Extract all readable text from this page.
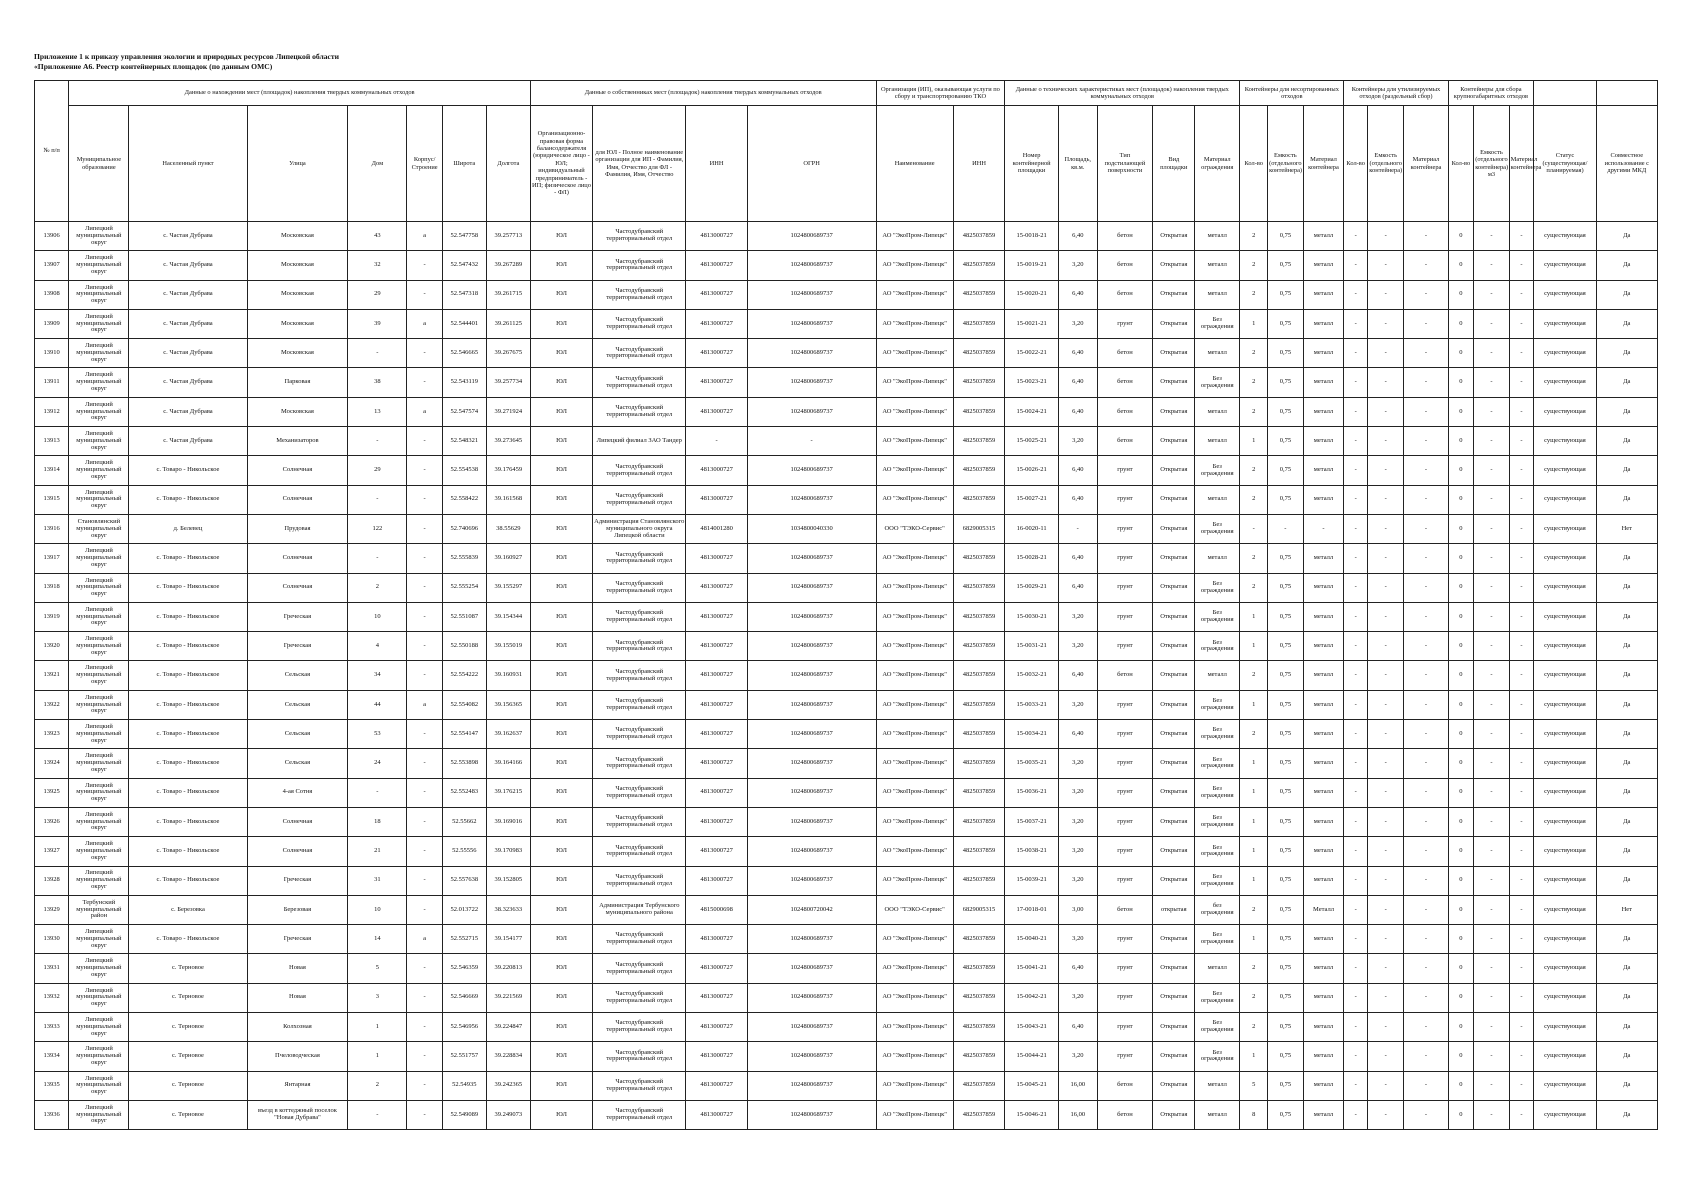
Приложение 1 к приказу управления экологии и природных ресурсов Липецкой области
«Приложение А6. Реестр контейнерных площадок (по данным ОМС)
№ п/п	Данные о нахождении мест (площадок) накопления твердых коммунальных отходов							Данные о собственниках мест (площадок) накопления твердых коммунальных отходов				Организация (ИП), оказывающая услуги по сбору и транспортированию ТКО		Данные о технических характеристиках мест (площадок) накопления твердых коммунальных отходов					Контейнеры для несортированных отходов			Контейнеры для утилизируемых отходов (раздельный сбор)			Контейнеры для сбора крупногабаритных отходов				
	Муниципальное образование	Населенный пункт	Улица	Дом	Корпус/Строение	Широта	Долгота	Организационно-правовая форма балансодержателя (юридическое лицо - ЮЛ; индивидуальный предприниматель - ИП; физическое лицо - ФЛ)	для ЮЛ - Полное наименование организации для ИП - Фамилия, Имя, Отчество для ФЛ - Фамилия, Имя, Отчество	ИНН	ОГРН	Наименование	ИНН	Номер контейнерной площадки	Площадь, кв.м.	Тип подстилающей поверхности	Вид площадки	Материал ограждения	Кол-во	Емкость (отдельного контейнера)	Материал контейнера	Кол-во	Емкость (отдельного контейнера)	Материал контейнера	Кол-во	Емкость (отдельного контейнера) м3	Материал контейнера	Статус (существующая/планируемая)	Совместное использование с другими МКД
13906	Липецкий муниципальный округ	с. Частая Дубрава	Московская	43	а	52.547758	39.257713	ЮЛ	Частодубравский территориальный отдел	4813000727	1024800689737	АО "ЭкоПром-Липецк"	4825037859	15-0018-21	6,40	бетон	Открытая	металл	2	0,75	металл	-	-	-	0	-	-	существующая	Да
13907	Липецкий муниципальный округ	с. Частая Дубрава	Московская	32	-	52.547432	39.267289	ЮЛ	Частодубравский территориальный отдел	4813000727	1024800689737	АО "ЭкоПром-Липецк"	4825037859	15-0019-21	3,20	бетон	Открытая	металл	2	0,75	металл	-	-	-	0	-	-	существующая	Да
13908	Липецкий муниципальный округ	с. Частая Дубрава	Московская	29	-	52.547318	39.261715	ЮЛ	Частодубравский территориальный отдел	4813000727	1024800689737	АО "ЭкоПром-Липецк"	4825037859	15-0020-21	6,40	бетон	Открытая	металл	2	0,75	металл	-	-	-	0	-	-	существующая	Да
13909	Липецкий муниципальный округ	с. Частая Дубрава	Московская	39	а	52.544401	39.261125	ЮЛ	Частодубравский территориальный отдел	4813000727	1024800689737	АО "ЭкоПром-Липецк"	4825037859	15-0021-21	3,20	грунт	Открытая	Без ограждения	1	0,75	металл	-	-	-	0	-	-	существующая	Да
13910	Липецкий муниципальный округ	с. Частая Дубрава	Московская	-	-	52.546665	39.267675	ЮЛ	Частодубравский территориальный отдел	4813000727	1024800689737	АО "ЭкоПром-Липецк"	4825037859	15-0022-21	6,40	бетон	Открытая	металл	2	0,75	металл	-	-	-	0	-	-	существующая	Да
13911	Липецкий муниципальный округ	с. Частая Дубрава	Парковая	38	-	52.543119	39.257734	ЮЛ	Частодубравский территориальный отдел	4813000727	1024800689737	АО "ЭкоПром-Липецк"	4825037859	15-0023-21	6,40	бетон	Открытая	Без ограждения	2	0,75	металл	-	-	-	0	-	-	существующая	Да
13912	Липецкий муниципальный округ	с. Частая Дубрава	Московская	13	а	52.547574	39.271924	ЮЛ	Частодубравский территориальный отдел	4813000727	1024800689737	АО "ЭкоПром-Липецк"	4825037859	15-0024-21	6,40	бетон	Открытая	металл	2	0,75	металл	-	-	-	0	-	-	существующая	Да
13913	Липецкий муниципальный округ	с. Частая Дубрава	Механизаторов	-	-	52.548321	39.273645	ЮЛ	Липецкий филиал ЗАО Тандер	-	-	АО "ЭкоПром-Липецк"	4825037859	15-0025-21	3,20	бетон	Открытая	металл	1	0,75	металл	-	-	-	0	-	-	существующая	Да
13914	Липецкий муниципальный округ	с. Товаро - Никольское	Солнечная	29	-	52.554538	39.176459	ЮЛ	Частодубравский территориальный отдел	4813000727	1024800689737	АО "ЭкоПром-Липецк"	4825037859	15-0026-21	6,40	грунт	Открытая	Без ограждения	2	0,75	металл	-	-	-	0	-	-	существующая	Да
13915	Липецкий муниципальный округ	с. Товаро - Никольское	Солнечная	-	-	52.558422	39.161568	ЮЛ	Частодубравский территориальный отдел	4813000727	1024800689737	АО "ЭкоПром-Липецк"	4825037859	15-0027-21	6,40	грунт	Открытая	металл	2	0,75	металл	-	-	-	0	-	-	существующая	Да
13916	Становлянский муниципальный округ	д. Белевец	Прудовая	122	-	52.740696	38.55629	ЮЛ	Администрация Становлянского муниципального округа Липецкой области	4814001280	1034800040330	ООО "ТЭКО-Сервис"	6829005315	16-0020-11	-	грунт	Открытая	Без ограждения	-	-	-	-	-	-	0	-	-	существующая	Нет
13917	Липецкий муниципальный округ	с. Товаро - Никольское	Солнечная	-	-	52.555839	39.160927	ЮЛ	Частодубравский территориальный отдел	4813000727	1024800689737	АО "ЭкоПром-Липецк"	4825037859	15-0028-21	6,40	грунт	Открытая	металл	2	0,75	металл	-	-	-	0	-	-	существующая	Да
13918	Липецкий муниципальный округ	с. Товаро - Никольское	Солнечная	2	-	52.555254	39.155297	ЮЛ	Частодубравский территориальный отдел	4813000727	1024800689737	АО "ЭкоПром-Липецк"	4825037859	15-0029-21	6,40	грунт	Открытая	Без ограждения	2	0,75	металл	-	-	-	0	-	-	существующая	Да
13919	Липецкий муниципальный округ	с. Товаро - Никольское	Греческая	10	-	52.551087	39.154344	ЮЛ	Частодубравский территориальный отдел	4813000727	1024800689737	АО "ЭкоПром-Липецк"	4825037859	15-0030-21	3,20	грунт	Открытая	Без ограждения	1	0,75	металл	-	-	-	0	-	-	существующая	Да
13920	Липецкий муниципальный округ	с. Товаро - Никольское	Греческая	4	-	52.550188	39.155019	ЮЛ	Частодубравский территориальный отдел	4813000727	1024800689737	АО "ЭкоПром-Липецк"	4825037859	15-0031-21	3,20	грунт	Открытая	Без ограждения	1	0,75	металл	-	-	-	0	-	-	существующая	Да
13921	Липецкий муниципальный округ	с. Товаро - Никольское	Сельская	34	-	52.554222	39.160931	ЮЛ	Частодубравский территориальный отдел	4813000727	1024800689737	АО "ЭкоПром-Липецк"	4825037859	15-0032-21	6,40	бетон	Открытая	металл	2	0,75	металл	-	-	-	0	-	-	существующая	Да
13922	Липецкий муниципальный округ	с. Товаро - Никольское	Сельская	44	а	52.554082	39.156365	ЮЛ	Частодубравский территориальный отдел	4813000727	1024800689737	АО "ЭкоПром-Липецк"	4825037859	15-0033-21	3,20	грунт	Открытая	Без ограждения	1	0,75	металл	-	-	-	0	-	-	существующая	Да
13923	Липецкий муниципальный округ	с. Товаро - Никольское	Сельская	53	-	52.554147	39.162637	ЮЛ	Частодубравский территориальный отдел	4813000727	1024800689737	АО "ЭкоПром-Липецк"	4825037859	15-0034-21	6,40	грунт	Открытая	Без ограждения	2	0,75	металл	-	-	-	0	-	-	существующая	Да
13924	Липецкий муниципальный округ	с. Товаро - Никольское	Сельская	24	-	52.553898	39.164166	ЮЛ	Частодубравский территориальный отдел	4813000727	1024800689737	АО "ЭкоПром-Липецк"	4825037859	15-0035-21	3,20	грунт	Открытая	Без ограждения	1	0,75	металл	-	-	-	0	-	-	существующая	Да
13925	Липецкий муниципальный округ	с. Товаро - Никольское	4-ая Сотня	-	-	52.552483	39.176215	ЮЛ	Частодубравский территориальный отдел	4813000727	1024800689737	АО "ЭкоПром-Липецк"	4825037859	15-0036-21	3,20	грунт	Открытая	Без ограждения	1	0,75	металл	-	-	-	0	-	-	существующая	Да
13926	Липецкий муниципальный округ	с. Товаро - Никольское	Солнечная	18	-	52.55662	39.169016	ЮЛ	Частодубравский территориальный отдел	4813000727	1024800689737	АО "ЭкоПром-Липецк"	4825037859	15-0037-21	3,20	грунт	Открытая	Без ограждения	1	0,75	металл	-	-	-	0	-	-	существующая	Да
13927	Липецкий муниципальный округ	с. Товаро - Никольское	Солнечная	21	-	52.55556	39.170983	ЮЛ	Частодубравский территориальный отдел	4813000727	1024800689737	АО "ЭкоПром-Липецк"	4825037859	15-0038-21	3,20	грунт	Открытая	Без ограждения	1	0,75	металл	-	-	-	0	-	-	существующая	Да
13928	Липецкий муниципальный округ	с. Товаро - Никольское	Греческая	31	-	52.557638	39.152805	ЮЛ	Частодубравский территориальный отдел	4813000727	1024800689737	АО "ЭкоПром-Липецк"	4825037859	15-0039-21	3,20	грунт	Открытая	Без ограждения	1	0,75	металл	-	-	-	0	-	-	существующая	Да
13929	Тербунский муниципальный район	с. Березовка	Березовая	10	-	52.013722	38.323633	ЮЛ	Администрация Тербунского муниципального района	4815000698	1024800720042	ООО "ТЭКО-Сервис"	6829005315	17-0018-01	3,00	бетон	открытая	без ограждения	2	0,75	Металл	-	-	-	0	-	-	существующая	Нет
13930	Липецкий муниципальный округ	с. Товаро - Никольское	Греческая	14	а	52.552715	39.154177	ЮЛ	Частодубравский территориальный отдел	4813000727	1024800689737	АО "ЭкоПром-Липецк"	4825037859	15-0040-21	3,20	грунт	Открытая	Без ограждения	1	0,75	металл	-	-	-	0	-	-	существующая	Да
13931	Липецкий муниципальный округ	с. Терновое	Новая	5	-	52.546359	39.220813	ЮЛ	Частодубравский территориальный отдел	4813000727	1024800689737	АО "ЭкоПром-Липецк"	4825037859	15-0041-21	6,40	грунт	Открытая	металл	2	0,75	металл	-	-	-	0	-	-	существующая	Да
13932	Липецкий муниципальный округ	с. Терновое	Новая	3	-	52.546669	39.221569	ЮЛ	Частодубравский территориальный отдел	4813000727	1024800689737	АО "ЭкоПром-Липецк"	4825037859	15-0042-21	3,20	грунт	Открытая	Без ограждения	2	0,75	металл	-	-	-	0	-	-	существующая	Да
13933	Липецкий муниципальный округ	с. Терновое	Колхозная	1	-	52.546956	39.224847	ЮЛ	Частодубравский территориальный отдел	4813000727	1024800689737	АО "ЭкоПром-Липецк"	4825037859	15-0043-21	6,40	грунт	Открытая	Без ограждения	2	0,75	металл	-	-	-	0	-	-	существующая	Да
13934	Липецкий муниципальный округ	с. Терновое	Пчеловодческая	1	-	52.551757	39.228834	ЮЛ	Частодубравский территориальный отдел	4813000727	1024800689737	АО "ЭкоПром-Липецк"	4825037859	15-0044-21	3,20	грунт	Открытая	Без ограждения	1	0,75	металл	-	-	-	0	-	-	существующая	Да
13935	Липецкий муниципальный округ	с. Терновое	Янтарная	2	-	52.54935	39.242365	ЮЛ	Частодубравский территориальный отдел	4813000727	1024800689737	АО "ЭкоПром-Липецк"	4825037859	15-0045-21	16,00	бетон	Открытая	металл	5	0,75	металл	-	-	-	0	-	-	существующая	Да
13936	Липецкий муниципальный округ	с. Терновое	въезд в коттеджный поселок "Новая Дубрава"	-	-	52.549089	39.249073	ЮЛ	Частодубравский территориальный отдел	4813000727	1024800689737	АО "ЭкоПром-Липецк"	4825037859	15-0046-21	16,00	бетон	Открытая	металл	8	0,75	металл	-	-	-	0	-	-	существующая	Да
